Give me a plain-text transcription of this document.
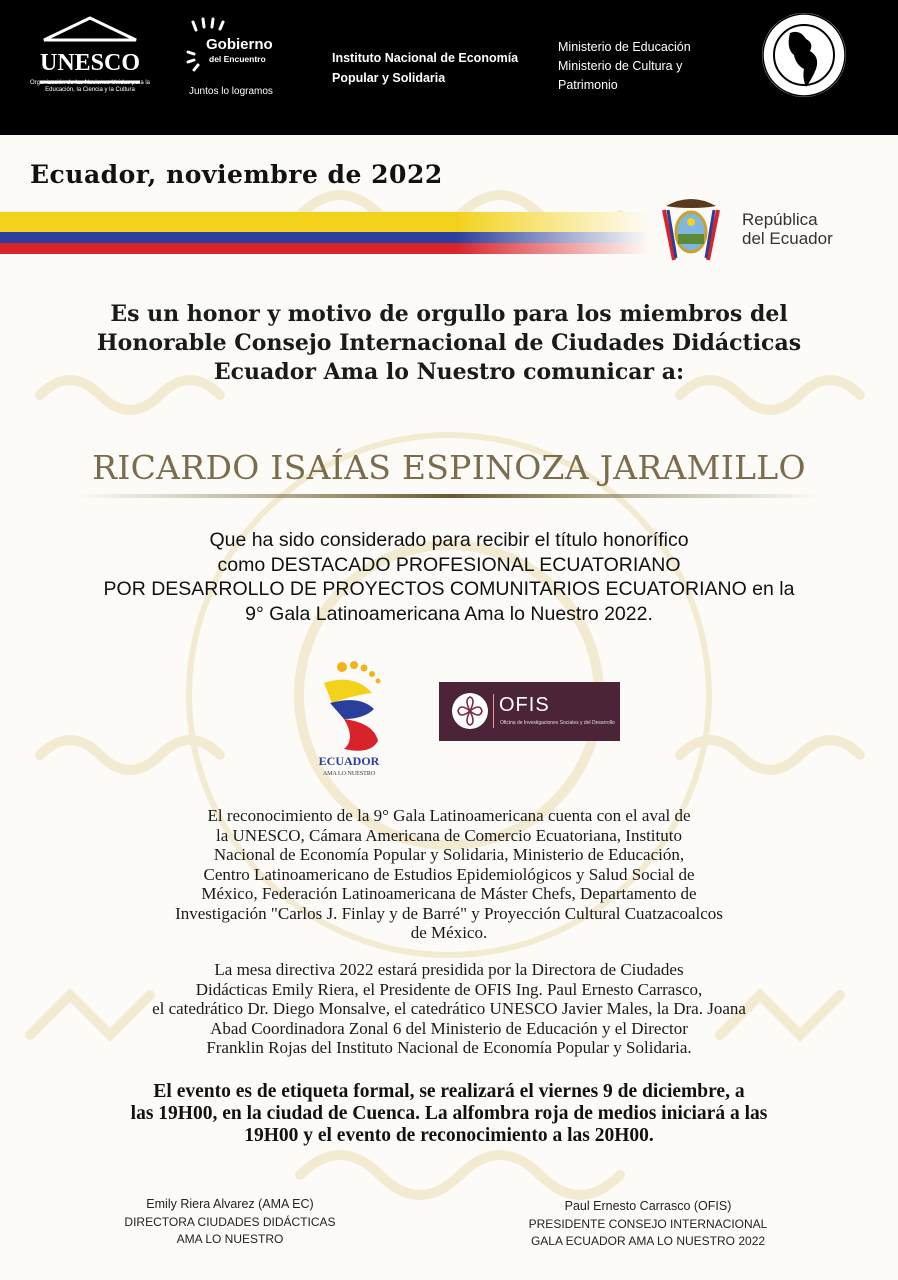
UNESCO
Organización de las Naciones Unidas para la Educación, la Ciencia y la Cultura
Gobierno
del Encuentro
Juntos lo logramos
Instituto Nacional de Economía
Popular y Solidaria
Ministerio de Educación
Ministerio de Cultura y
Patrimonio
Ecuador, noviembre de 2022
República
del Ecuador
Es un honor y motivo de orgullo para los miembros del
Honorable Consejo Internacional de Ciudades Didácticas
Ecuador Ama lo Nuestro comunicar a:
RICARDO ISAÍAS ESPINOZA JARAMILLO
Que ha sido considerado para recibir el título honorífico
como DESTACADO PROFESIONAL ECUATORIANO
POR DESARROLLO DE PROYECTOS COMUNITARIOS ECUATORIANO en la
9° Gala Latinoamericana Ama lo Nuestro 2022.
ECUADOR
AMA LO NUESTRO
OFIS
Oficina de Investigaciones Sociales y del Desarrollo
El reconocimiento de la 9° Gala Latinoamericana cuenta con el aval de
la UNESCO, Cámara Americana de Comercio Ecuatoriana, Instituto
Nacional de Economía Popular y Solidaria, Ministerio de Educación,
Centro Latinoamericano de Estudios Epidemiológicos y Salud Social de
México, Federación Latinoamericana de Máster Chefs, Departamento de
Investigación "Carlos J. Finlay y de Barré" y Proyección Cultural Cuatzacoalcos
de México.
La mesa directiva 2022 estará presidida por la Directora de Ciudades
Didácticas Emily Riera, el Presidente de OFIS Ing. Paul Ernesto Carrasco,
el catedrático Dr. Diego Monsalve, el catedrático UNESCO Javier Males, la Dra. Joana
Abad Coordinadora Zonal 6 del Ministerio de Educación y el Director
Franklin Rojas del Instituto Nacional de Economía Popular y Solidaria.
El evento es de etiqueta formal, se realizará el viernes 9 de diciembre, a
las 19H00, en la ciudad de Cuenca. La alfombra roja de medios iniciará a las
19H00 y el evento de reconocimiento a las 20H00.
Emily Riera Alvarez (AMA EC)
DIRECTORA CIUDADES DIDÁCTICAS
AMA LO NUESTRO
Paul Ernesto Carrasco (OFIS)
PRESIDENTE CONSEJO INTERNACIONAL
GALA ECUADOR AMA LO NUESTRO 2022
